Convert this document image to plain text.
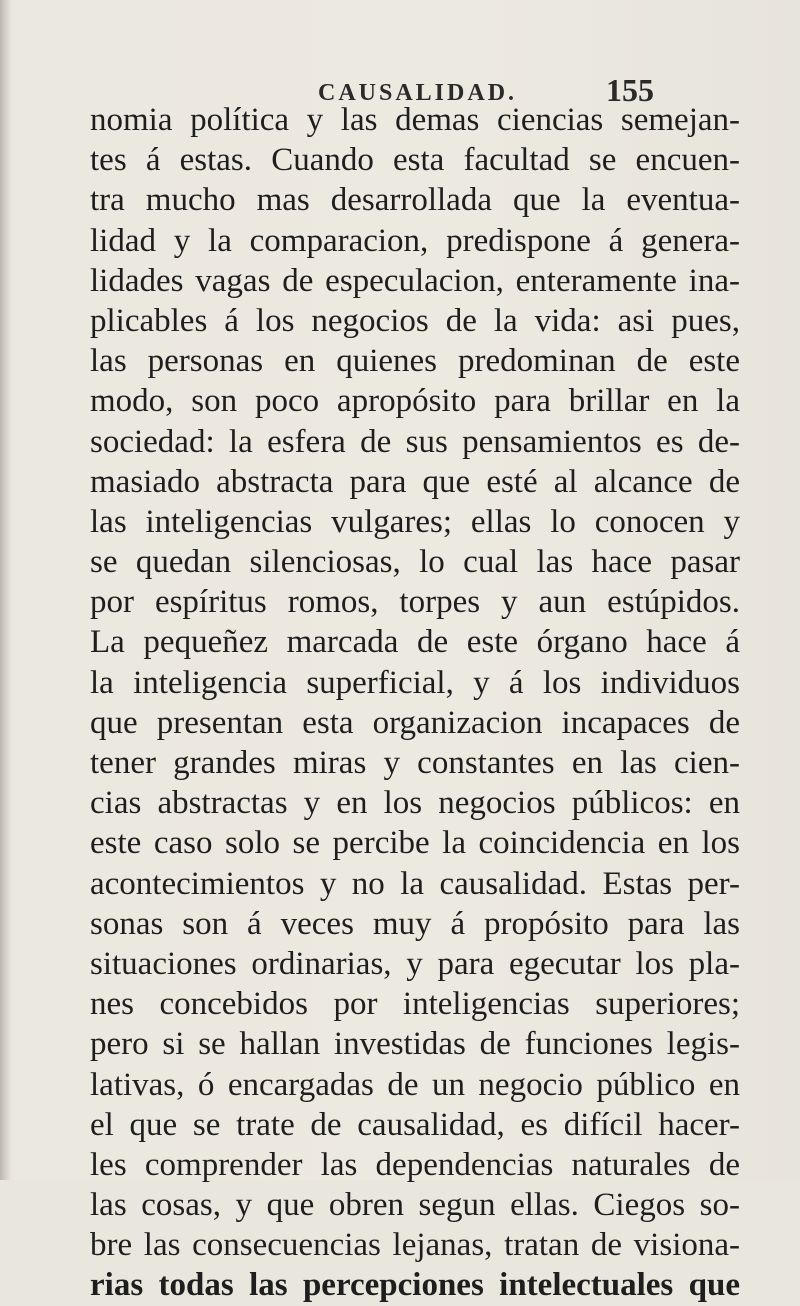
CAUSALIDAD.	155
nomia política y las demas ciencias semejan-
tes á estas. Cuando esta facultad se encuen-
tra mucho mas desarrollada que la eventua-
lidad y la comparacion, predispone á genera-
lidades vagas de especulacion, enteramente ina-
plicables á los negocios de la vida: asi pues,
las personas en quienes predominan de este
modo, son poco apropósito para brillar en la
sociedad: la esfera de sus pensamientos es de-
masiado abstracta para que esté al alcance de
las inteligencias vulgares; ellas lo conocen y
se quedan silenciosas, lo cual las hace pasar
por espíritus romos, torpes y aun estúpidos.
La pequeñez marcada de este órgano hace á
la inteligencia superficial, y á los individuos
que presentan esta organizacion incapaces de
tener grandes miras y constantes en las cien-
cias abstractas y en los negocios públicos: en
este caso solo se percibe la coincidencia en los
acontecimientos y no la causalidad. Estas per-
sonas son á veces muy á propósito para las
situaciones ordinarias, y para egecutar los pla-
nes concebidos por inteligencias superiores;
pero si se hallan investidas de funciones legis-
lativas, ó encargadas de un negocio público en
el que se trate de causalidad, es difícil hacer-
les comprender las dependencias naturales de
las cosas, y que obren segun ellas. Ciegos so-
bre las consecuencias lejanas, tratan de visiona-
rias todas las percepciones intelectuales que
